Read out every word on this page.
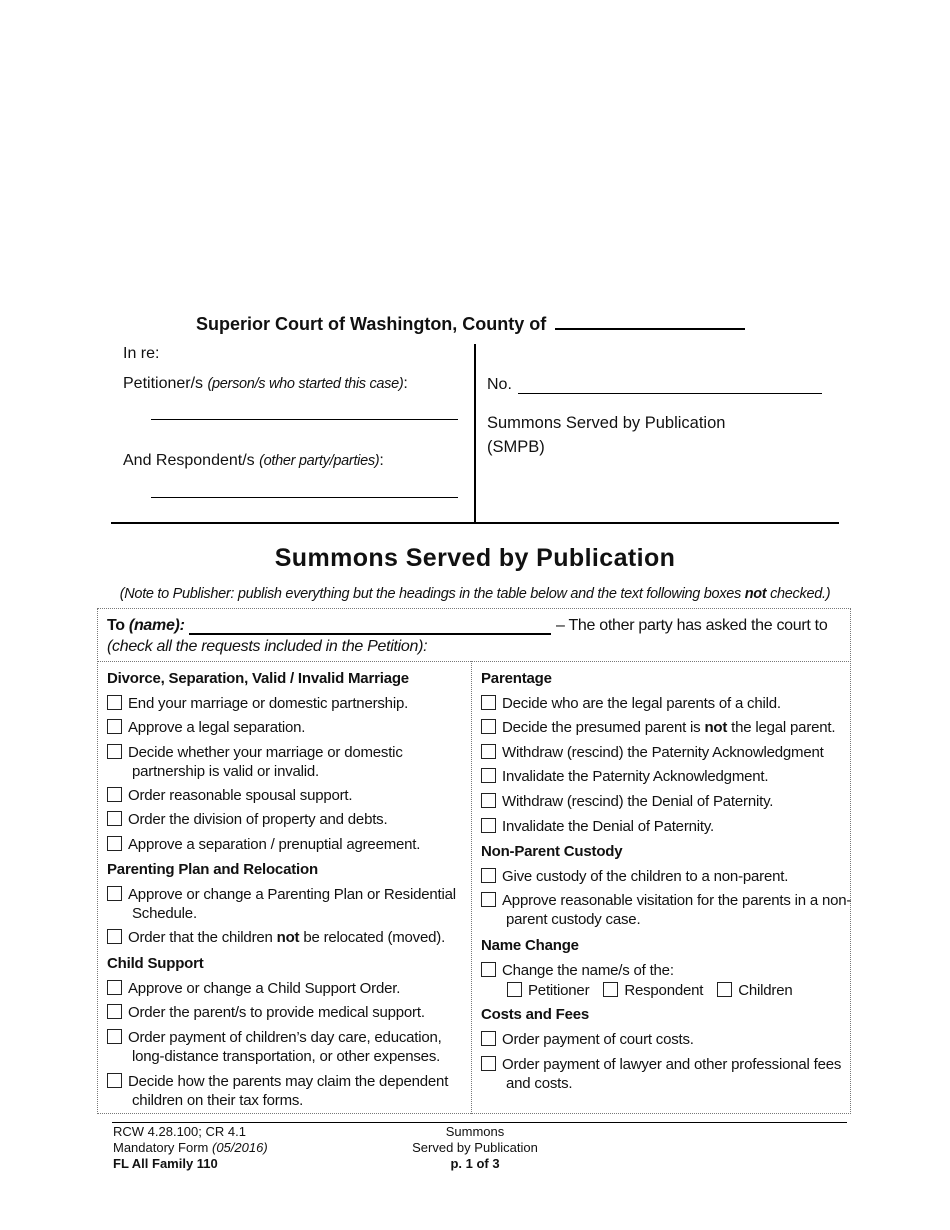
Superior Court of Washington, County of
In re:
Petitioner/s (person/s who started this case):
And Respondent/s (other party/parties):
No.
Summons Served by Publication
(SMPB)
Summons Served by Publication
(Note to Publisher: publish everything but the headings in the table below and the text following boxes not checked.)
To (name):	– The other party has asked the court to
(check all the requests included in the Petition):
Divorce, Separation, Valid / Invalid Marriage
End your marriage or domestic partnership.
Approve a legal separation.
Decide whether your marriage or domestic
partnership is valid or invalid.
Order reasonable spousal support.
Order the division of property and debts.
Approve a separation / prenuptial agreement.
Parenting Plan and Relocation
Approve or change a Parenting Plan or Residential
Schedule.
Order that the children not be relocated (moved).
Child Support
Approve or change a Child Support Order.
Order the parent/s to provide medical support.
Order payment of children’s day care, education,
long-distance transportation, or other expenses.
Decide how the parents may claim the dependent
children on their tax forms.
Parentage
Decide who are the legal parents of a child.
Decide the presumed parent is not the legal parent.
Withdraw (rescind) the Paternity Acknowledgment
Invalidate the Paternity Acknowledgment.
Withdraw (rescind) the Denial of Paternity.
Invalidate the Denial of Paternity.
Non-Parent Custody
Give custody of the children to a non-parent.
Approve reasonable visitation for the parents in a non-
parent custody case.
Name Change
Change the name/s of the:
Petitioner Respondent Children
Costs and Fees
Order payment of court costs.
Order payment of lawyer and other professional fees
and costs.
RCW 4.28.100; CR 4.1
Mandatory Form (05/2016)
FL All Family 110
Summons
Served by Publication
p. 1 of 3
